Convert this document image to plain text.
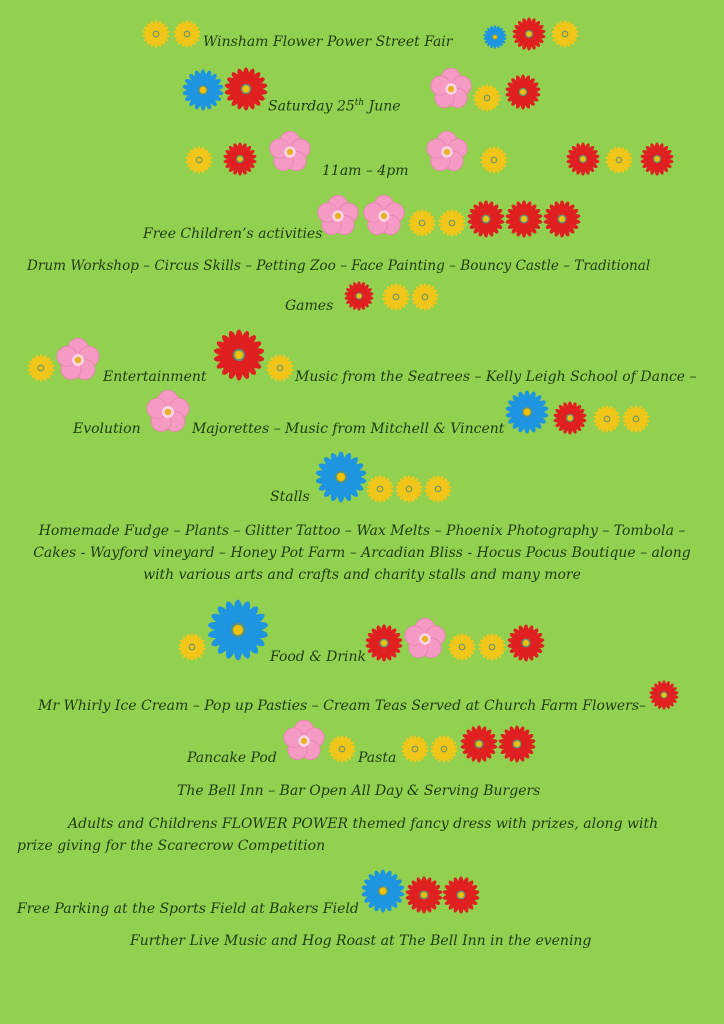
Winsham Flower Power Street Fair
Saturday 25th June
11am – 4pm
Free Children’s activities
Drum Workshop – Circus Skills – Petting Zoo – Face Painting – Bouncy Castle – Traditional
Games
Entertainment	Music from the Seatrees – Kelly Leigh School of Dance –
Evolution	Majorettes – Music from Mitchell & Vincent
Stalls
Homemade Fudge – Plants – Glitter Tattoo – Wax Melts – Phoenix Photography – Tombola –
Cakes - Wayford vineyard – Honey Pot Farm – Arcadian Bliss - Hocus Pocus Boutique – along
with various arts and crafts and charity stalls and many more
Food & Drink
Mr Whirly Ice Cream – Pop up Pasties – Cream Teas Served at Church Farm Flowers–
Pancake Pod	Pasta
The Bell Inn – Bar Open All Day & Serving Burgers
Adults and Childrens FLOWER POWER themed fancy dress with prizes, along with
prize giving for the Scarecrow Competition
Free Parking at the Sports Field at Bakers Field
Further Live Music and Hog Roast at The Bell Inn in the evening
